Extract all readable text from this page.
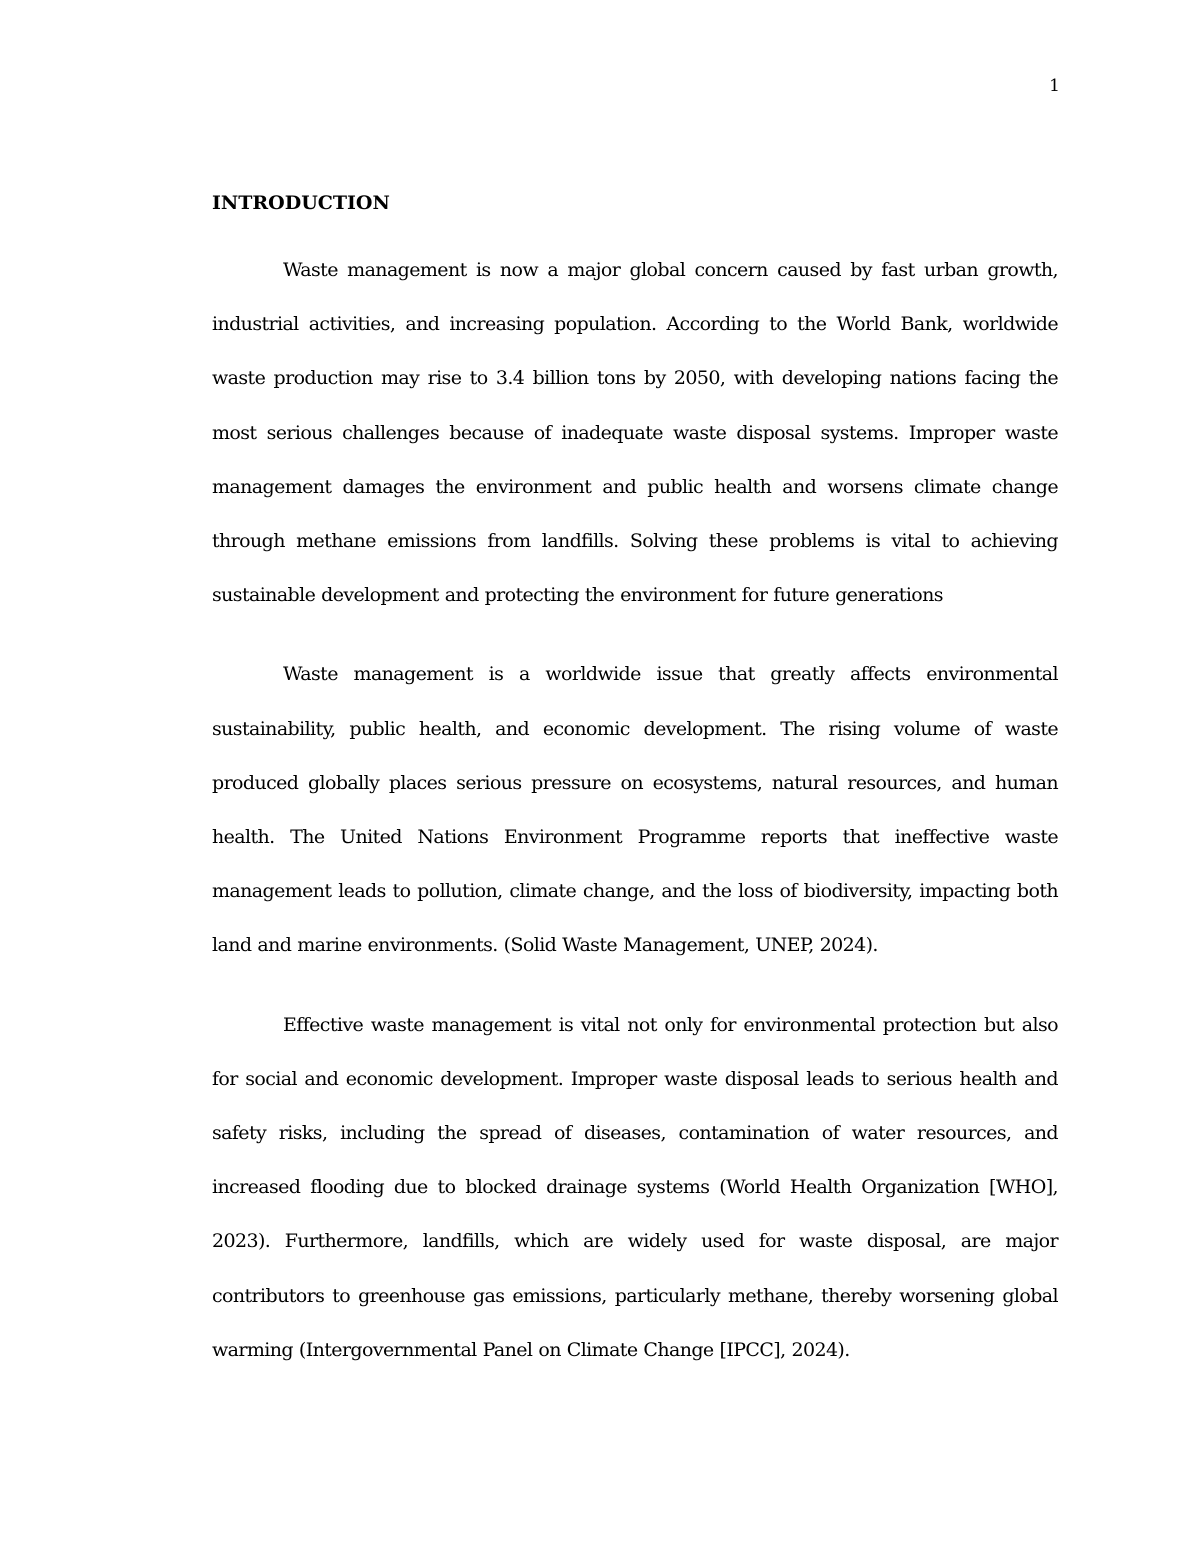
1
INTRODUCTION

Waste management is now a major global concern caused by fast urban growth, industrial activities, and increasing population. According to the World Bank, worldwide waste production may rise to 3.4 billion tons by 2050, with developing nations facing the most serious challenges because of inadequate waste disposal systems. Improper waste management damages the environment and public health and worsens climate change through methane emissions from landfills. Solving these problems is vital to achieving sustainable development and protecting the environment for future generations

Waste management is a worldwide issue that greatly affects environmental sustainability, public health, and economic development. The rising volume of waste produced globally places serious pressure on ecosystems, natural resources, and human health. The United Nations Environment Programme reports that ineffective waste management leads to pollution, climate change, and the loss of biodiversity, impacting both land and marine environments. (Solid Waste Management, UNEP, 2024).

Effective waste management is vital not only for environmental protection but also for social and economic development. Improper waste disposal leads to serious health and safety risks, including the spread of diseases, contamination of water resources, and increased flooding due to blocked drainage systems (World Health Organization [WHO], 2023). Furthermore, landfills, which are widely used for waste disposal, are major contributors to greenhouse gas emissions, particularly methane, thereby worsening global warming (Intergovernmental Panel on Climate Change [IPCC], 2024).
